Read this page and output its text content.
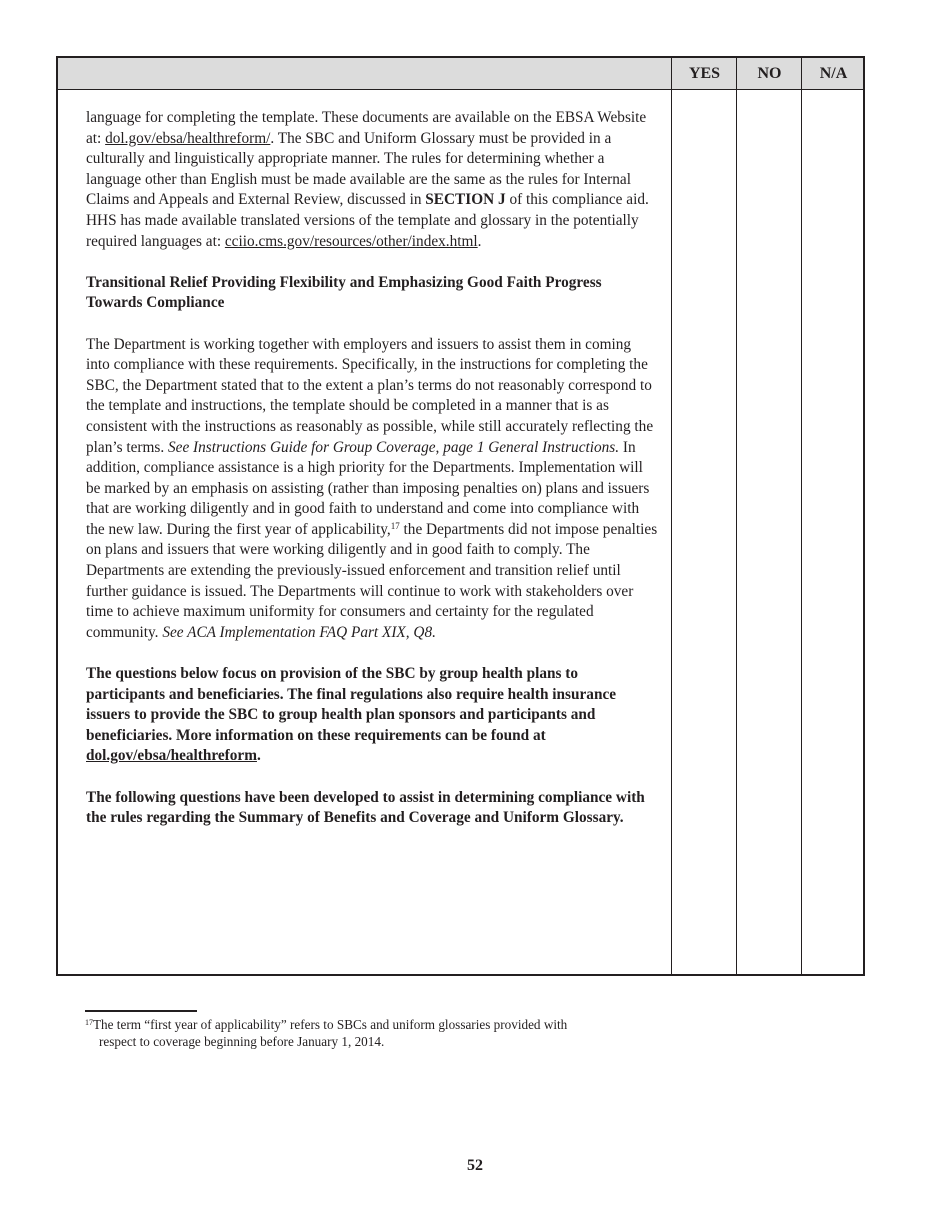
YES	NO	N/A

language for completing the template. These documents are available on the EBSA Website at: dol.gov/ebsa/healthreform/. The SBC and Uniform Glossary must be provided in a culturally and linguistically appropriate manner. The rules for determining whether a language other than English must be made available are the same as the rules for Internal Claims and Appeals and External Review, discussed in SECTION J of this compliance aid. HHS has made available translated versions of the template and glossary in the potentially required languages at: cciio.cms.gov/resources/other/index.html.

Transitional Relief Providing Flexibility and Emphasizing Good Faith Progress Towards Compliance

The Department is working together with employers and issuers to assist them in coming into compliance with these requirements. Specifically, in the instructions for completing the SBC, the Department stated that to the extent a plan’s terms do not reasonably correspond to the template and instructions, the template should be completed in a manner that is as consistent with the instructions as reasonably as possible, while still accurately reflecting the plan’s terms. See Instructions Guide for Group Coverage, page 1 General Instructions. In addition, compliance assistance is a high priority for the Departments. Implementation will be marked by an emphasis on assisting (rather than imposing penalties on) plans and issuers that are working diligently and in good faith to understand and come into compliance with the new law. During the first year of applicability,$^{17}$ the Departments did not impose penalties on plans and issuers that were working diligently and in good faith to comply. The Departments are extending the previously-issued enforcement and transition relief until further guidance is issued. The Departments will continue to work with stakeholders over time to achieve maximum uniformity for consumers and certainty for the regulated community. See ACA Implementation FAQ Part XIX, Q8.

The questions below focus on provision of the SBC by group health plans to participants and beneficiaries. The final regulations also require health insurance issuers to provide the SBC to group health plan sponsors and participants and beneficiaries. More information on these requirements can be found at dol.gov/ebsa/healthreform.

The following questions have been developed to assist in determining compliance with the rules regarding the Summary of Benefits and Coverage and Uniform Glossary.

$^{17}$The term “first year of applicability” refers to SBCs and uniform glossaries provided with
respect to coverage beginning before January 1, 2014.
52
